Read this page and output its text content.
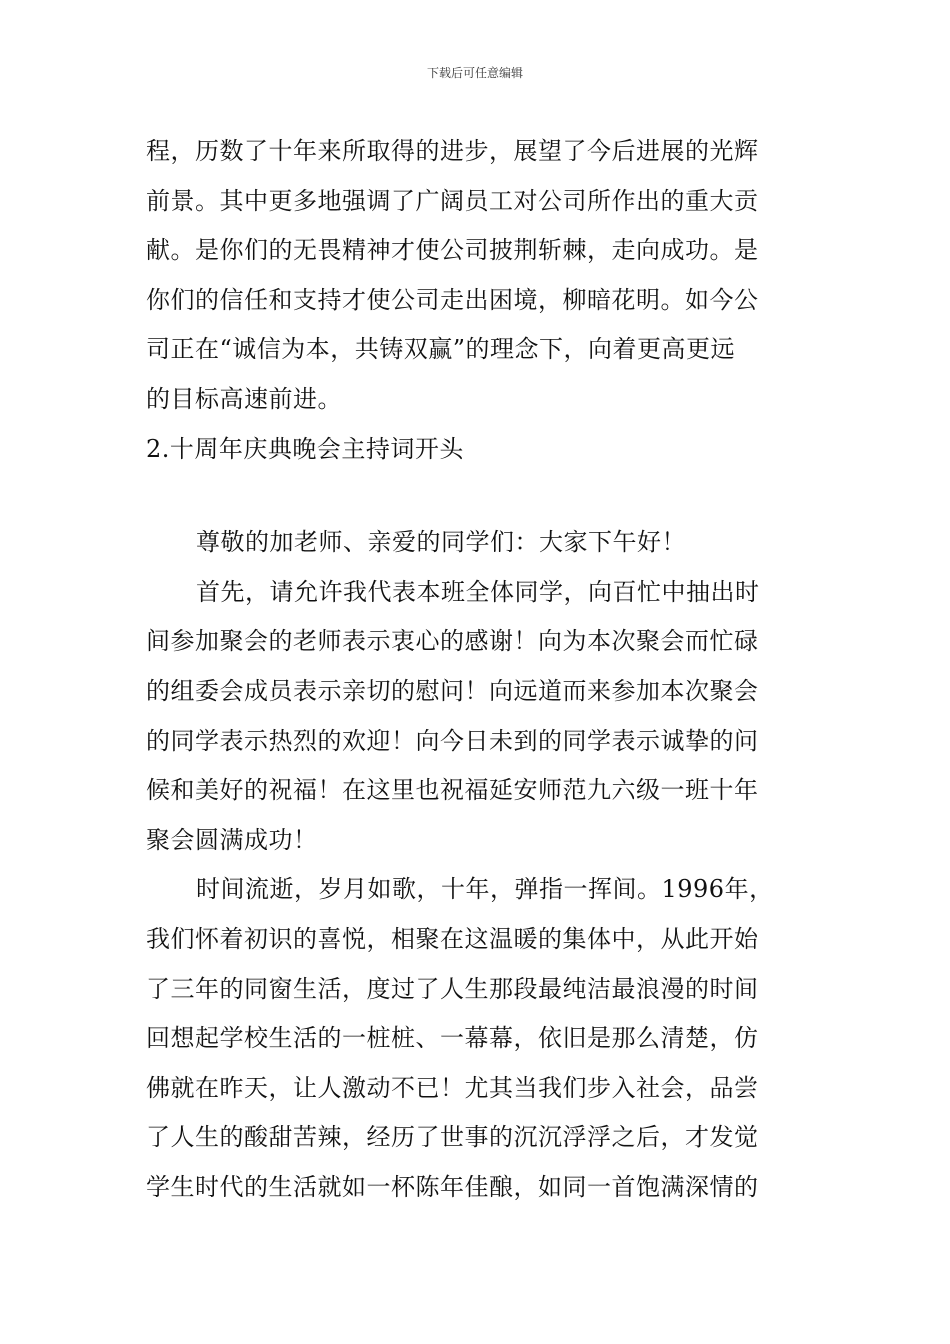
下载后可任意编辑
程，历数了十年来所取得的进步，展望了今后进展的光辉
前景。其中更多地强调了广阔员工对公司所作出的重大贡
献。是你们的无畏精神才使公司披荆斩棘，走向成功。是
你们的信任和支持才使公司走出困境，柳暗花明。如今公
司正在“诚信为本，共铸双赢”的理念下，向着更高更远
的目标高速前进。
2.十周年庆典晚会主持词开头
尊敬的加老师、亲爱的同学们：大家下午好！
首先，请允许我代表本班全体同学，向百忙中抽出时
间参加聚会的老师表示衷心的感谢！向为本次聚会而忙碌
的组委会成员表示亲切的慰问！向远道而来参加本次聚会
的同学表示热烈的欢迎！向今日未到的同学表示诚挚的问
候和美好的祝福！在这里也祝福延安师范九六级一班十年
聚会圆满成功！
时间流逝，岁月如歌，十年，弹指一挥间。1996年，
我们怀着初识的喜悦，相聚在这温暖的集体中，从此开始
了三年的同窗生活，度过了人生那段最纯洁最浪漫的时间
回想起学校生活的一桩桩、一幕幕，依旧是那么清楚，仿
佛就在昨天，让人激动不已！尤其当我们步入社会，品尝
了人生的酸甜苦辣，经历了世事的沉沉浮浮之后，才发觉
学生时代的生活就如一杯陈年佳酿，如同一首饱满深情的
